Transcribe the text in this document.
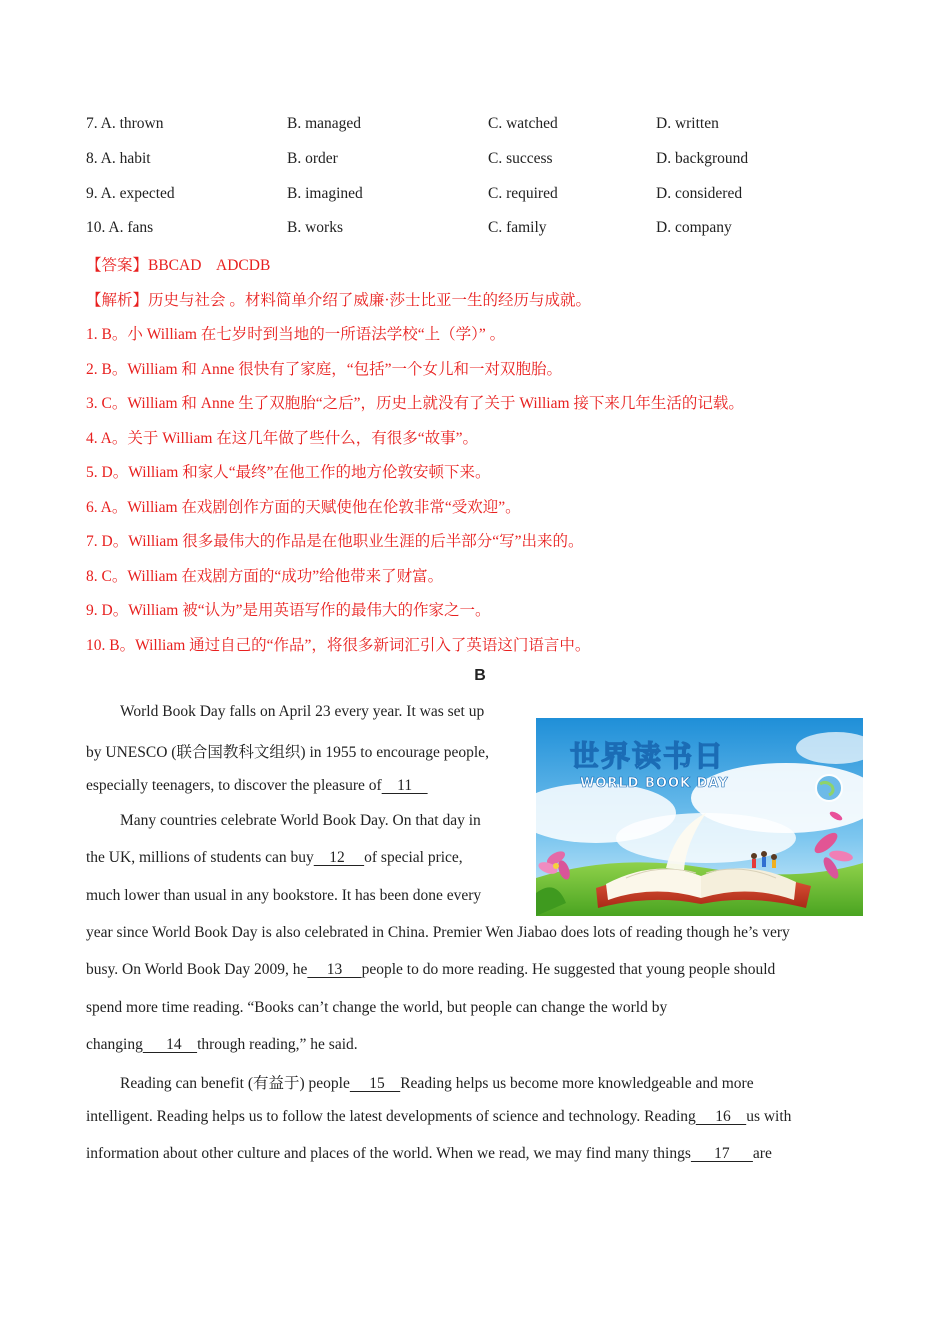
7. A. thrown	B. managed	C. watched	D. written
8. A. habit	B. order	C. success	D. background
9. A. expected	B. imagined	C. required	D. considered
10. A. fans	B. works	C. family	D. company
【答案】BBCAD    ADCDB
【解析】历史与社会 。材料简单介绍了威廉·莎士比亚一生的经历与成就。
1. B。小 William 在七岁时到当地的一所语法学校“上（学）” 。
2. B。William 和 Anne 很快有了家庭，“包括”一个女儿和一对双胞胎。
3. C。William 和 Anne 生了双胞胎“之后”，历史上就没有了关于 William 接下来几年生活的记载。
4. A。关于 William 在这几年做了些什么，有很多“故事”。
5. D。William 和家人“最终”在他工作的地方伦敦安顿下来。
6. A。William 在戏剧创作方面的天赋使他在伦敦非常“受欢迎”。
7. D。William 很多最伟大的作品是在他职业生涯的后半部分“写”出来的。
8. C。William 在戏剧方面的“成功”给他带来了财富。
9. D。William 被“认为”是用英语写作的最伟大的作家之一。
10. B。William 通过自己的“作品”，将很多新词汇引入了英语这门语言中。
B
World Book Day falls on April 23 every year. It was set up
by UNESCO (联合国教科文组织) in 1955 to encourage people,
especially teenagers, to discover the pleasure of    11
Many countries celebrate World Book Day. On that day in
the UK, millions of students can buy    12     of special price,
much lower than usual in any bookstore. It has been done every
year since World Book Day is also celebrated in China. Premier Wen Jiabao does lots of reading though he’s very
busy. On World Book Day 2009, he     13     people to do more reading. He suggested that young people should
spend more time reading. “Books can’t change the world, but people can change the world by
changing      14    through reading,” he said.
Reading can benefit (有益于) people     15    Reading helps us become more knowledgeable and more
intelligent. Reading helps us to follow the latest developments of science and technology. Reading     16    us with
information about other culture and places of the world. When we read, we may find many things      17      are
世界读书日
WORLD BOOK DAY
